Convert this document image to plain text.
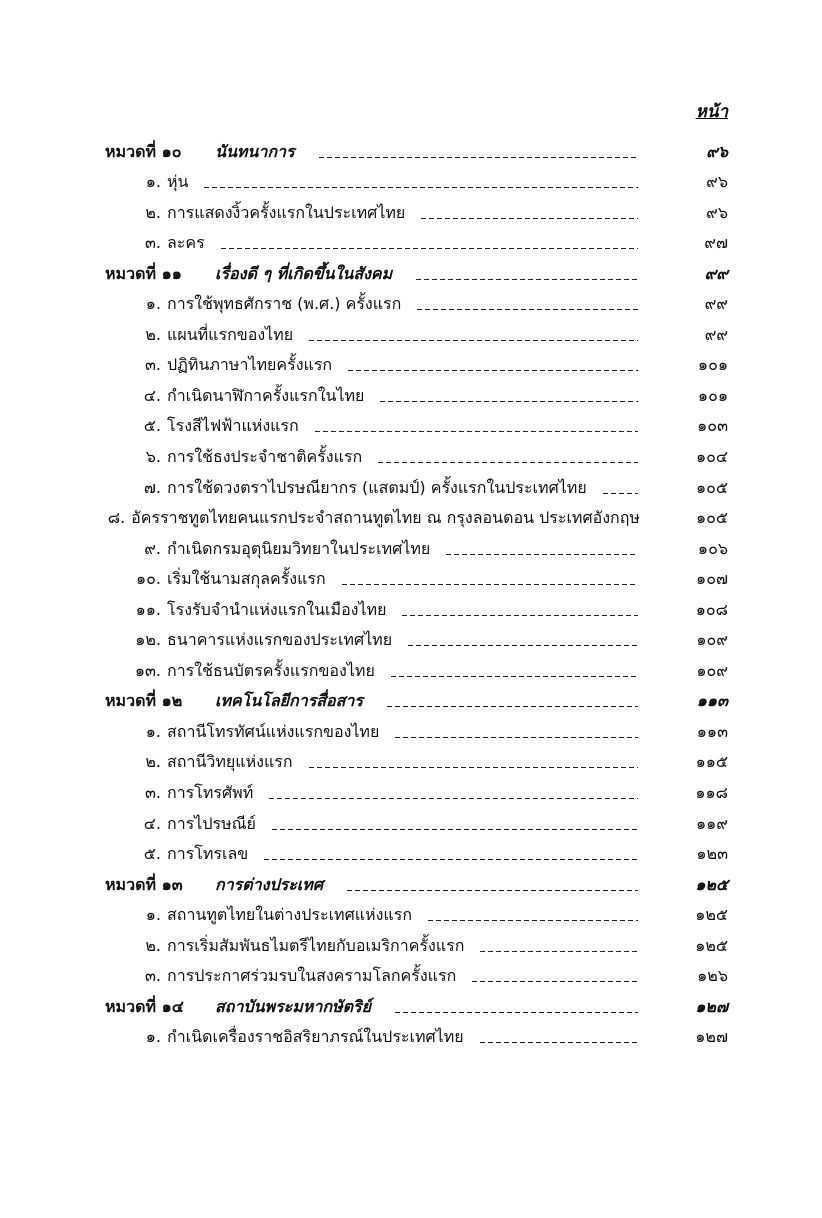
หน้า
หมวดที่ ๑๐	นันทนาการ	๙๖
๑. หุ่น	๙๖
๒. การแสดงงิ้วครั้งแรกในประเทศไทย	๙๖
๓. ละคร	๙๗
หมวดที่ ๑๑	เรื่องดี ๆ ที่เกิดขึ้นในสังคม	๙๙
๑. การใช้พุทธศักราช (พ.ศ.) ครั้งแรก	๙๙
๒. แผนที่แรกของไทย	๙๙
๓. ปฏิทินภาษาไทยครั้งแรก	๑๐๑
๔. กำเนิดนาฬิกาครั้งแรกในไทย	๑๐๑
๕. โรงสีไฟฟ้าแห่งแรก	๑๐๓
๖. การใช้ธงประจำชาติครั้งแรก	๑๐๔
๗. การใช้ดวงตราไปรษณียากร (แสตมป์) ครั้งแรกในประเทศไทย	๑๐๕
๘. อัครราชทูตไทยคนแรกประจำสถานทูตไทย ณ กรุงลอนดอน ประเทศอังกฤษ	๑๐๕
๙. กำเนิดกรมอุตุนิยมวิทยาในประเทศไทย	๑๐๖
๑๐. เริ่มใช้นามสกุลครั้งแรก	๑๐๗
๑๑. โรงรับจำนำแห่งแรกในเมืองไทย	๑๐๘
๑๒. ธนาคารแห่งแรกของประเทศไทย	๑๐๙
๑๓. การใช้ธนบัตรครั้งแรกของไทย	๑๐๙
หมวดที่ ๑๒	เทคโนโลยีการสื่อสาร	๑๑๓
๑. สถานีโทรทัศน์แห่งแรกของไทย	๑๑๓
๒. สถานีวิทยุแห่งแรก	๑๑๕
๓. การโทรศัพท์	๑๑๘
๔. การไปรษณีย์	๑๑๙
๕. การโทรเลข	๑๒๓
หมวดที่ ๑๓	การต่างประเทศ	๑๒๕
๑. สถานทูตไทยในต่างประเทศแห่งแรก	๑๒๕
๒. การเริ่มสัมพันธไมตรีไทยกับอเมริกาครั้งแรก	๑๒๕
๓. การประกาศร่วมรบในสงครามโลกครั้งแรก	๑๒๖
หมวดที่ ๑๔	สถาบันพระมหากษัตริย์	๑๒๗
๑. กำเนิดเครื่องราชอิสริยาภรณ์ในประเทศไทย	๑๒๗
